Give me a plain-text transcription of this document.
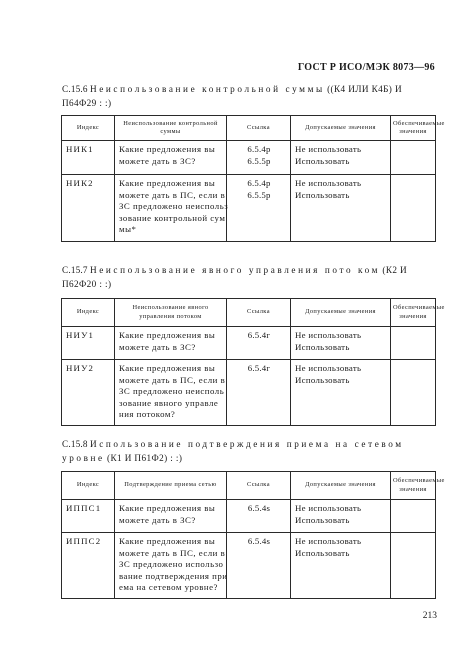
ГОСТ Р ИСО/МЭК 8073—96
С.15.6 Неиспользование контрольной суммы ((К4 ИЛИ К4Б) И П64Ф29 : :)
Индекс	Неиспользование контрольной суммы	Ссылка	Допускаемые значения	Обеспечиваемые значения
НИК1	Какие предложения вы
можете дать в ЗС?	6.5.4р
6.5.5р	Не использовать
Использовать	

НИК2	Какие предложения вы
можете дать в ПС, если в
ЗС предложено неиспольз
зование контрольной сум
мы*	6.5.4р
6.5.5р	Не использовать
Использовать	

С.15.7 Неиспользование явного управления пото ком (К2 И П62Ф20 : :)
Индекс	Неиспользование явного управления потоком	Ссылка	Допускаемые значения	Обеспечиваемые значения
НИУ1	Какие предложения вы
можете дать в ЗС?	6.5.4г	Не использовать
Использовать	

НИУ2	Какие предложения вы
можете дать в ПС, если в
ЗС предложено неисполь
зование явного управле
ния потоком?	6.5.4г	Не использовать
Использовать	

С.15.8 Использование подтверждения приема на сетевом уровне (К1 И П61Ф2) : :)
Индекс	Подтверждение приема сетью	Ссылка	Допускаемые значения	Обеспечиваемые значения
ИППС1	Какие предложения вы
можете дать в ЗС?	6.5.4s	Не использовать
Использовать	

ИППС2	Какие предложения вы
можете дать в ПС, если в
ЗС предложено использо
вание подтверждения при
ема на сетевом уровне?	6.5.4s	Не использовать
Использовать	

213
